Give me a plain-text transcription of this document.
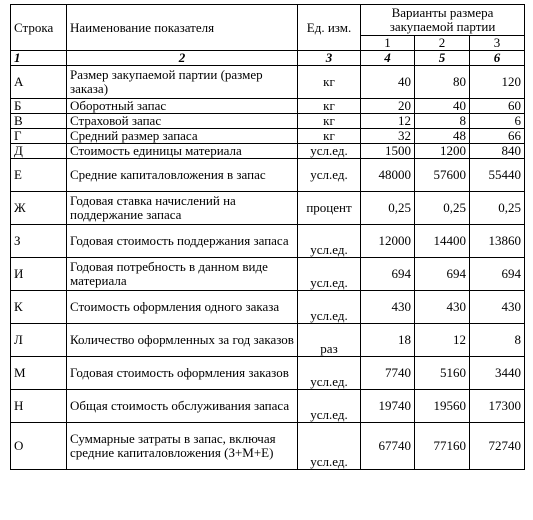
Строка	Наименование показателя	Ед. изм.	Варианты размера закупаемой партии		
			1	2	3
1	2	3	4	5	6
А	Размер закупаемой партии (размер заказа)	кг	40	80	120
Б	Оборотный запас	кг	20	40	60
В	Страховой запас	кг	12	8	6
Г	Средний размер запаса	кг	32	48	66
Д	Стоимость единицы материала	усл.ед.	1500	1200	840
Е	Средние капиталовложения в запас	усл.ед.	48000	57600	55440
Ж	Годовая ставка начислений на поддержание запаса	процент	0,25	0,25	0,25
З	Годовая стоимость поддержания запаса	усл.ед.	12000	14400	13860
И	Годовая потребность в данном виде материала	усл.ед.	694	694	694
К	Стоимость оформления одного заказа	усл.ед.	430	430	430
Л	Количество оформленных за год заказов	раз	18	12	8
М	Годовая стоимость оформления заказов	усл.ед.	7740	5160	3440
Н	Общая стоимость обслуживания запаса	усл.ед.	19740	19560	17300
О	Суммарные затраты в запас, включая средние капиталовложения (З+М+Е)	усл.ед.	67740	77160	72740
